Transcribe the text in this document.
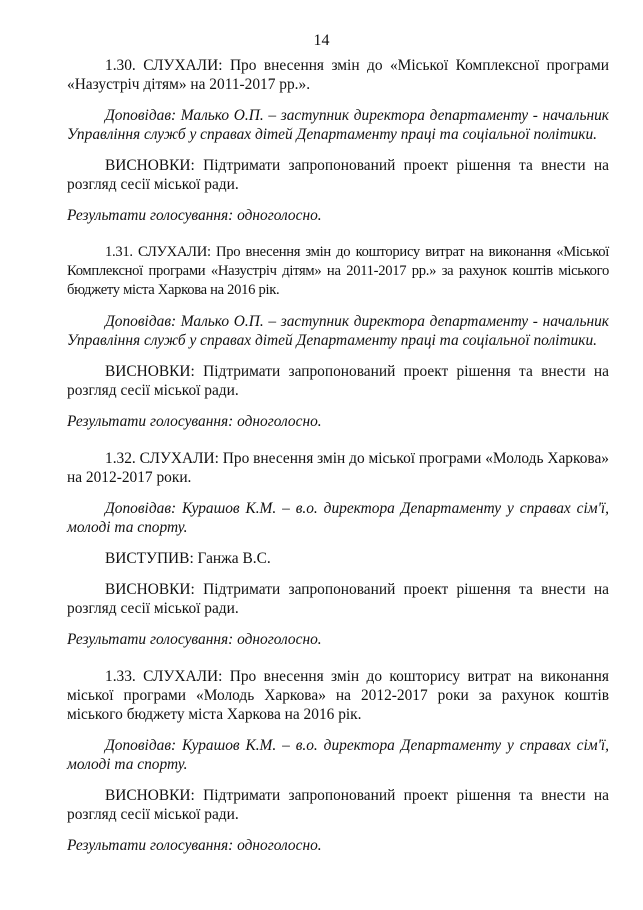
14

1.30. СЛУХАЛИ: Про внесення змін до «Міської Комплексної програми «Назустріч дітям» на 2011-2017 рр.».

Доповідав: Малько О.П. – заступник директора департаменту - начальник Управління служб у справах дітей Департаменту праці та соціальної політики.

ВИСНОВКИ: Підтримати запропонований проект рішення та внести на розгляд сесії міської ради.

Результати голосування: одноголосно.

1.31. СЛУХАЛИ: Про внесення змін до кошторису витрат на виконання «Міської Комплексної програми «Назустріч дітям» на 2011-2017 рр.» за рахунок коштів міського бюджету міста Харкова на 2016 рік.

Доповідав: Малько О.П. – заступник директора департаменту - начальник Управління служб у справах дітей Департаменту праці та соціальної політики.

ВИСНОВКИ: Підтримати запропонований проект рішення та внести на розгляд сесії міської ради.

Результати голосування: одноголосно.

1.32. СЛУХАЛИ: Про внесення змін до міської програми «Молодь Харкова» на 2012-2017 роки.

Доповідав: Курашов К.М. – в.о. директора Департаменту у справах сім'ї, молоді та спорту.

ВИСТУПИВ: Ганжа В.С.

ВИСНОВКИ: Підтримати запропонований проект рішення та внести на розгляд сесії міської ради.

Результати голосування: одноголосно.

1.33. СЛУХАЛИ: Про внесення змін до кошторису витрат на виконання міської програми «Молодь Харкова» на 2012-2017 роки за рахунок коштів міського бюджету міста Харкова на 2016 рік.

Доповідав: Курашов К.М. – в.о. директора Департаменту у справах сім'ї, молоді та спорту.

ВИСНОВКИ: Підтримати запропонований проект рішення та внести на розгляд сесії міської ради.

Результати голосування: одноголосно.
